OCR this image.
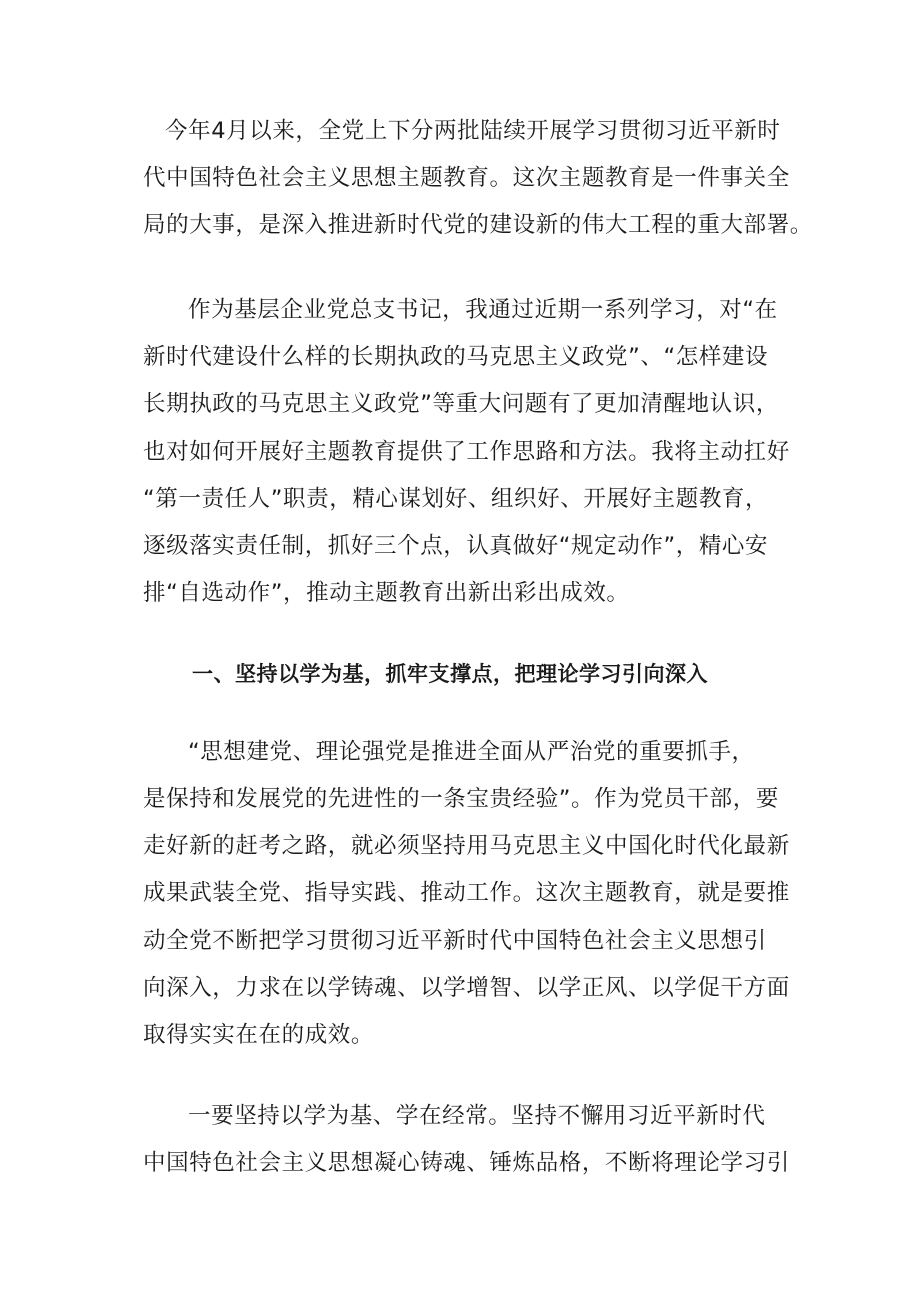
今年4月以来，全党上下分两批陆续开展学习贯彻习近平新时
代中国特色社会主义思想主题教育。这次主题教育是一件事关全
局的大事，是深入推进新时代党的建设新的伟大工程的重大部署。
作为基层企业党总支书记，我通过近期一系列学习，对“在
新时代建设什么样的长期执政的马克思主义政党”、“怎样建设
长期执政的马克思主义政党”等重大问题有了更加清醒地认识，
也对如何开展好主题教育提供了工作思路和方法。我将主动扛好
“第一责任人”职责，精心谋划好、组织好、开展好主题教育，
逐级落实责任制，抓好三个点，认真做好“规定动作”，精心安
排“自选动作”，推动主题教育出新出彩出成效。
一、坚持以学为基，抓牢支撑点，把理论学习引向深入
“思想建党、理论强党是推进全面从严治党的重要抓手，
是保持和发展党的先进性的一条宝贵经验”。作为党员干部，要
走好新的赶考之路，就必须坚持用马克思主义中国化时代化最新
成果武装全党、指导实践、推动工作。这次主题教育，就是要推
动全党不断把学习贯彻习近平新时代中国特色社会主义思想引
向深入，力求在以学铸魂、以学增智、以学正风、以学促干方面
取得实实在在的成效。
一要坚持以学为基、学在经常。坚持不懈用习近平新时代
中国特色社会主义思想凝心铸魂、锤炼品格，不断将理论学习引
